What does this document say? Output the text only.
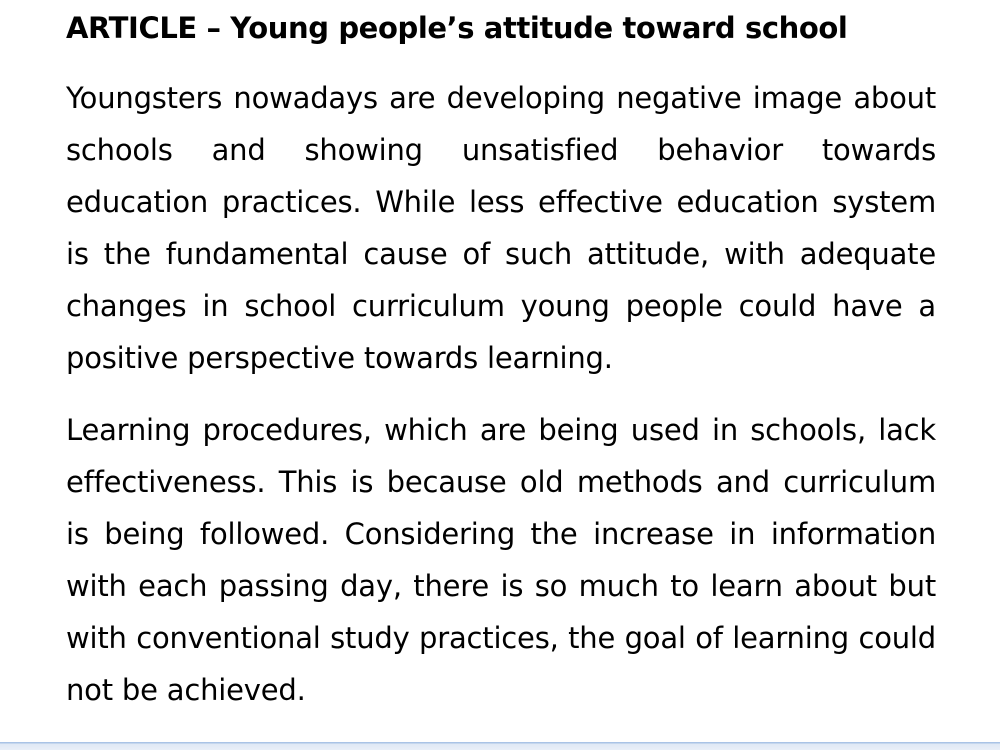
ARTICLE – Young people’s attitude toward school

Youngsters nowadays are developing negative image about schools and showing unsatisfied behavior towards education practices. While less effective education system is the fundamental cause of such attitude, with adequate changes in school curriculum young people could have a positive perspective towards learning.

Learning procedures, which are being used in schools, lack effectiveness. This is because old methods and curriculum is being followed. Considering the increase in information with each passing day, there is so much to learn about but with conventional study practices, the goal of learning could not be achieved.
